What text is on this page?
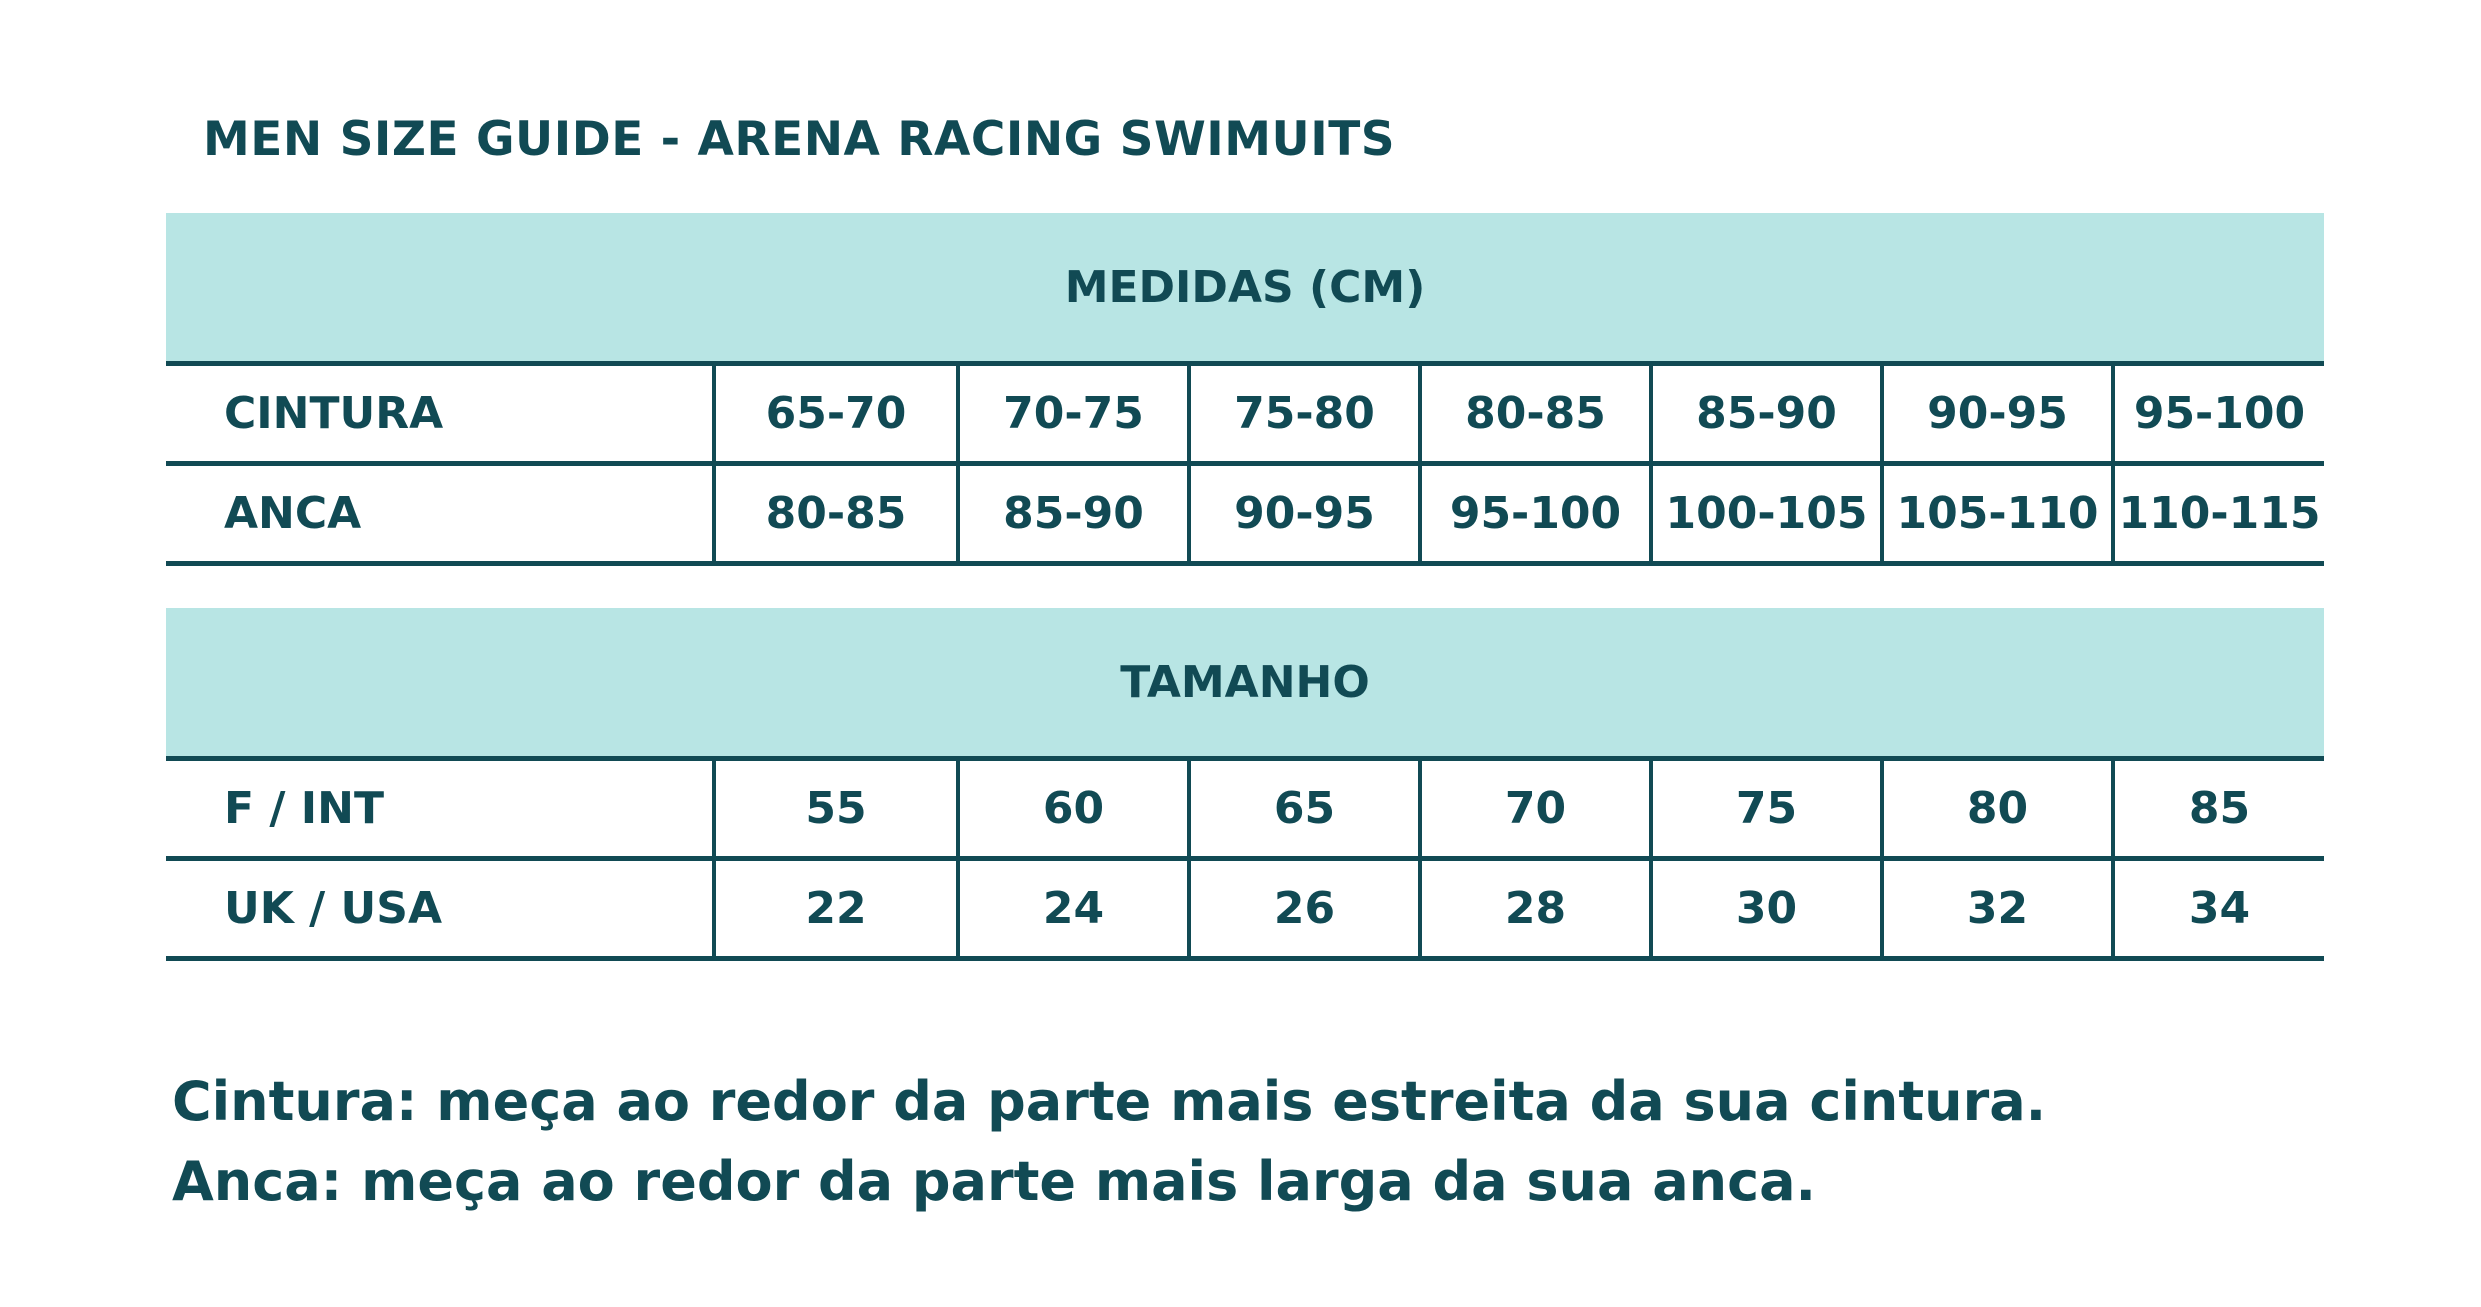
MEN SIZE GUIDE - ARENA RACING SWIMUITS
MEDIDAS (CM)
CINTURA	65-70	70-75	75-80	80-85	85-90	90-95	95-100
ANCA	80-85	85-90	90-95	95-100	100-105	105-110	110-115
TAMANHO
F / INT	55	60	65	70	75	80	85
UK / USA	22	24	26	28	30	32	34
Cintura: meça ao redor da parte mais estreita da sua cintura.
Anca: meça ao redor da parte mais larga da sua anca.
